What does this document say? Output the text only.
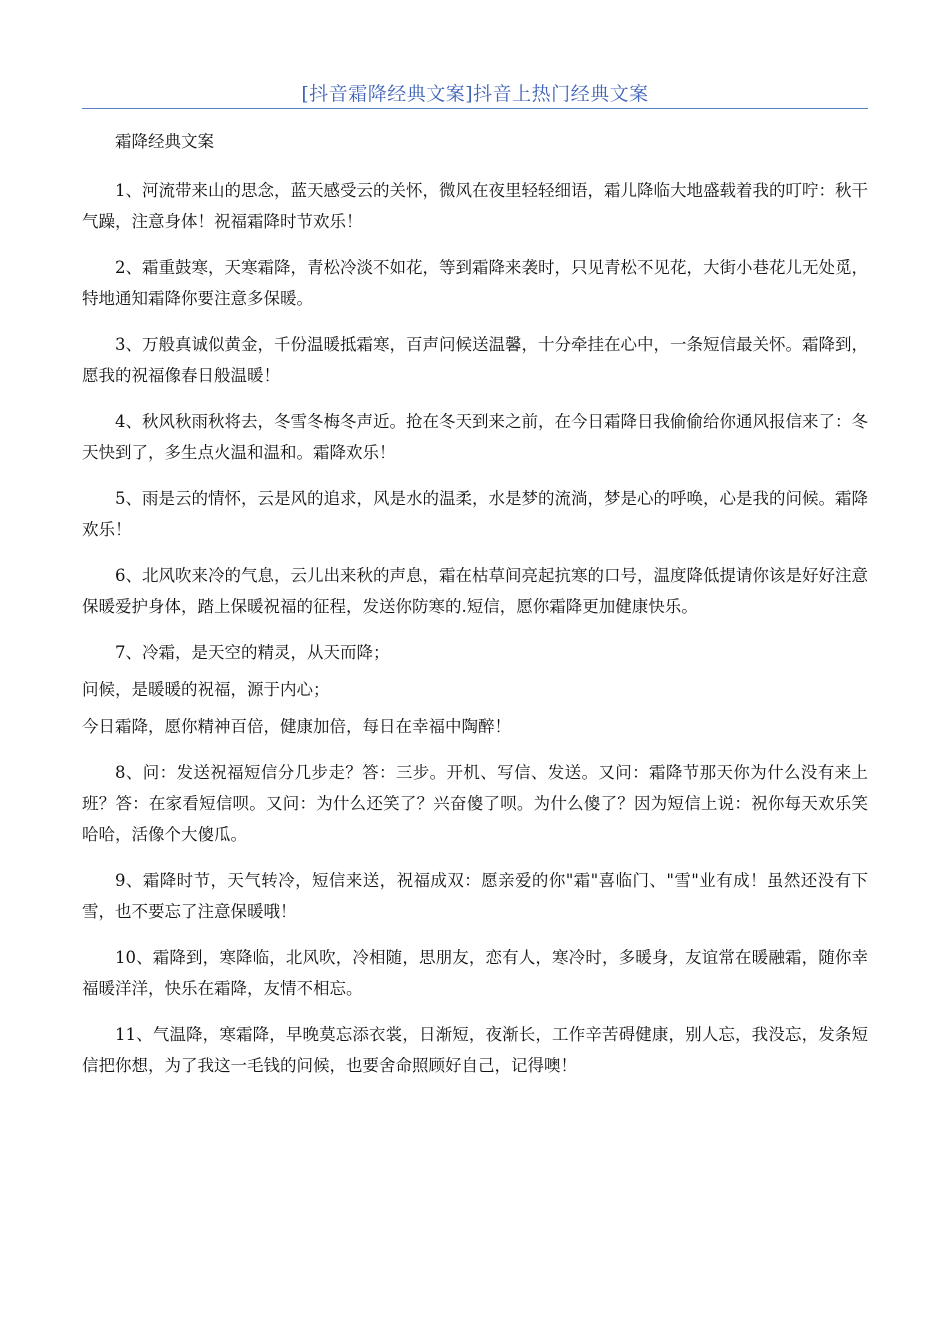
[抖音霜降经典文案]抖音上热门经典文案

霜降经典文案

1、河流带来山的思念，蓝天感受云的关怀，微风在夜里轻轻细语，霜儿降临大地盛载着我的叮咛：秋干气躁，注意身体！祝福霜降时节欢乐！

2、霜重鼓寒，天寒霜降，青松冷淡不如花，等到霜降来袭时，只见青松不见花，大街小巷花儿无处觅，特地通知霜降你要注意多保暖。

3、万般真诚似黄金，千份温暖抵霜寒，百声问候送温馨，十分牵挂在心中，一条短信最关怀。霜降到，愿我的祝福像春日般温暖！

4、秋风秋雨秋将去，冬雪冬梅冬声近。抢在冬天到来之前，在今日霜降日我偷偷给你通风报信来了：冬天快到了，多生点火温和温和。霜降欢乐！

5、雨是云的情怀，云是风的追求，风是水的温柔，水是梦的流淌，梦是心的呼唤，心是我的问候。霜降欢乐！

6、北风吹来冷的气息，云儿出来秋的声息，霜在枯草间亮起抗寒的口号，温度降低提请你该是好好注意保暖爱护身体，踏上保暖祝福的征程，发送你防寒的.短信，愿你霜降更加健康快乐。

7、冷霜，是天空的精灵，从天而降；

问候，是暖暖的祝福，源于内心；

今日霜降，愿你精神百倍，健康加倍，每日在幸福中陶醉！

8、问：发送祝福短信分几步走？答：三步。开机、写信、发送。又问：霜降节那天你为什么没有来上班？答：在家看短信呗。又问：为什么还笑了？兴奋傻了呗。为什么傻了？因为短信上说：祝你每天欢乐笑哈哈，活像个大傻瓜。

9、霜降时节，天气转冷，短信来送，祝福成双：愿亲爱的你"霜"喜临门、"雪"业有成！虽然还没有下雪，也不要忘了注意保暖哦！

10、霜降到，寒降临，北风吹，冷相随，思朋友，恋有人，寒冷时，多暖身，友谊常在暖融霜，随你幸福暖洋洋，快乐在霜降，友情不相忘。

11、气温降，寒霜降，早晚莫忘添衣裳，日渐短，夜渐长，工作辛苦碍健康，别人忘，我没忘，发条短信把你想，为了我这一毛钱的问候，也要舍命照顾好自己，记得噢！
